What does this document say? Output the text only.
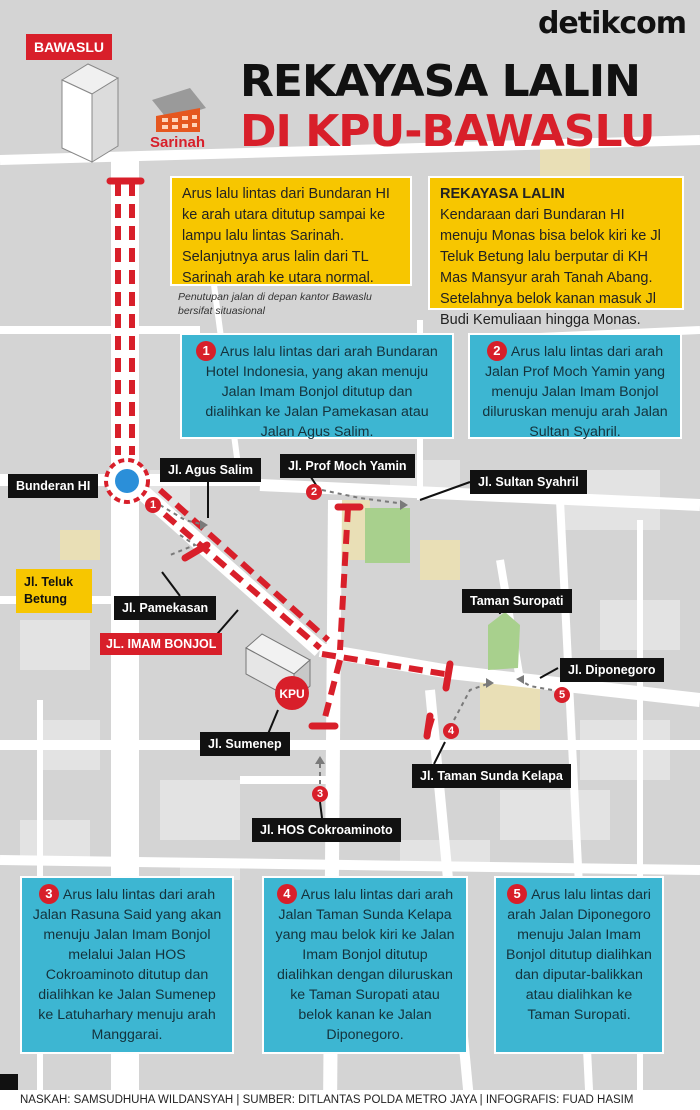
KPU
1
2
3
4
5
detikcom
REKAYASA LALIN
DI KPU-BAWASLU
BAWASLU
Sarinah
Arus lalu lintas dari Bundaran HI ke arah utara ditutup sampai ke lampu lalu lintas Sarinah. Selanjutnya arus lalin dari TL Sarinah arah ke utara normal.
Penutupan jalan di depan kantor Bawaslu bersifat situasional
REKAYASA LALIN
Kendaraan dari Bundaran HI menuju Monas bisa belok kiri ke Jl Teluk Betung lalu berputar di KH Mas Mansyur arah Tanah Abang. Setelahnya belok kanan masuk Jl Budi Kemuliaan hingga Monas.
1 Arus lalu lintas dari arah Bundaran Hotel Indonesia, yang akan menuju Jalan Imam Bonjol ditutup dan dialihkan ke Jalan Pamekasan atau Jalan Agus Salim.
2 Arus lalu lintas dari arah Jalan Prof Moch Yamin yang menuju Jalan Imam Bonjol diluruskan menuju arah Jalan Sultan Syahril.
Bunderan HI
Jl. Agus Salim	Jl. Prof Moch Yamin
Jl. Sultan Syahril
Jl. Teluk Betung
Jl. Pamekasan
JL. IMAM BONJOL
Taman Suropati
Jl. Diponegoro
Jl. Sumenep
Jl. Taman Sunda Kelapa
Jl. HOS Cokroaminoto
3 Arus lalu lintas dari arah Jalan Rasuna Said yang akan menuju Jalan Imam Bonjol melalui Jalan HOS Cokroaminoto ditutup dan dialihkan ke Jalan Sumenep ke Latuharhary menuju arah Manggarai.
4 Arus lalu lintas dari arah Jalan Taman Sunda Kelapa yang mau belok kiri ke Jalan Imam Bonjol ditutup dialihkan dengan diluruskan ke Taman Suropati atau belok kanan ke Jalan Diponegoro.
5 Arus lalu lintas dari arah Jalan Diponegoro menuju Jalan Imam Bonjol ditutup dialihkan dan diputar-balikkan atau dialihkan ke Taman Suropati.
NASKAH: SAMSUDHUHA WILDANSYAH | SUMBER: DITLANTAS POLDA METRO JAYA | INFOGRAFIS: FUAD HASIM
